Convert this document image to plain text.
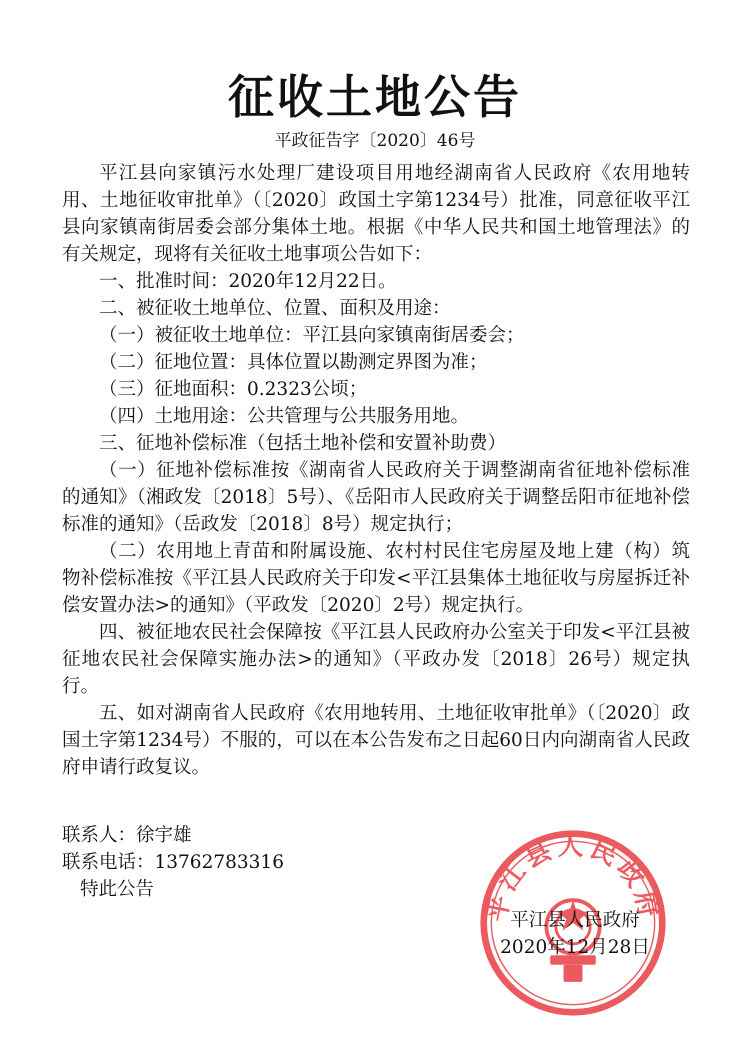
征收土地公告
平政征告字〔2020〕46号

平江县向家镇污水处理厂建设项目用地经湖南省人民政府《农用地转用、土地征收审批单》（〔2020〕政国土字第1234号）批准，同意征收平江县向家镇南街居委会部分集体土地。根据《中华人民共和国土地管理法》的有关规定，现将有关征收土地事项公告如下：

一、批准时间：2020年12月22日。

二、被征收土地单位、位置、面积及用途：

（一）被征收土地单位：平江县向家镇南街居委会；

（二）征地位置：具体位置以勘测定界图为准；

（三）征地面积：0.2323公顷；

（四）土地用途：公共管理与公共服务用地。

三、征地补偿标准（包括土地补偿和安置补助费）

（一）征地补偿标准按《湖南省人民政府关于调整湖南省征地补偿标准的通知》（湘政发〔2018〕5号）、《岳阳市人民政府关于调整岳阳市征地补偿标准的通知》（岳政发〔2018〕8号）规定执行；

（二）农用地上青苗和附属设施、农村村民住宅房屋及地上建（构）筑物补偿标准按《平江县人民政府关于印发<平江县集体土地征收与房屋拆迁补偿安置办法>的通知》（平政发〔2020〕2号）规定执行。

四、被征地农民社会保障按《平江县人民政府办公室关于印发<平江县被征地农民社会保障实施办法>的通知》（平政办发〔2018〕26号）规定执行。

五、如对湖南省人民政府《农用地转用、土地征收审批单》（〔2020〕政国土字第1234号）不服的，可以在本公告发布之日起60日内向湖南省人民政府申请行政复议。

联系人：徐宇雄
联系电话：13762783316
特此公告	平江县人民政府
平江县人民政府
2020年12月28日
